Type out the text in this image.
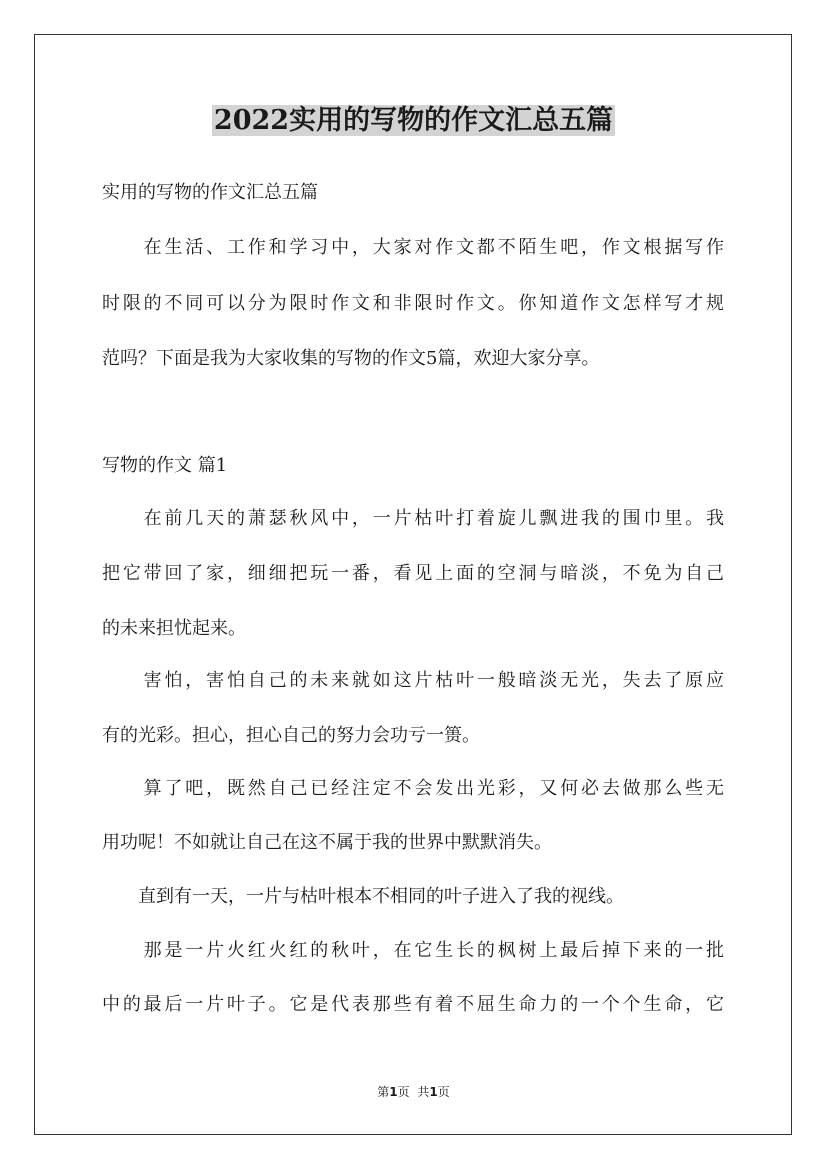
2022实用的写物的作文汇总五篇
实用的写物的作文汇总五篇
　　在生活、工作和学习中，大家对作文都不陌生吧，作文根据写作
时限的不同可以分为限时作文和非限时作文。你知道作文怎样写才规
范吗？下面是我为大家收集的写物的作文5篇，欢迎大家分享。
写物的作文 篇1
　　在前几天的萧瑟秋风中，一片枯叶打着旋儿飘进我的围巾里。我
把它带回了家，细细把玩一番，看见上面的空洞与暗淡，不免为自己
的未来担忧起来。
　　害怕，害怕自己的未来就如这片枯叶一般暗淡无光，失去了原应
有的光彩。担心，担心自己的努力会功亏一篑。
　　算了吧，既然自己已经注定不会发出光彩，又何必去做那么些无
用功呢！不如就让自己在这不属于我的世界中默默消失。
　　直到有一天，一片与枯叶根本不相同的叶子进入了我的视线。
　　那是一片火红火红的秋叶，在它生长的枫树上最后掉下来的一批
中的最后一片叶子。它是代表那些有着不屈生命力的一个个生命，它
第1页 共1页
